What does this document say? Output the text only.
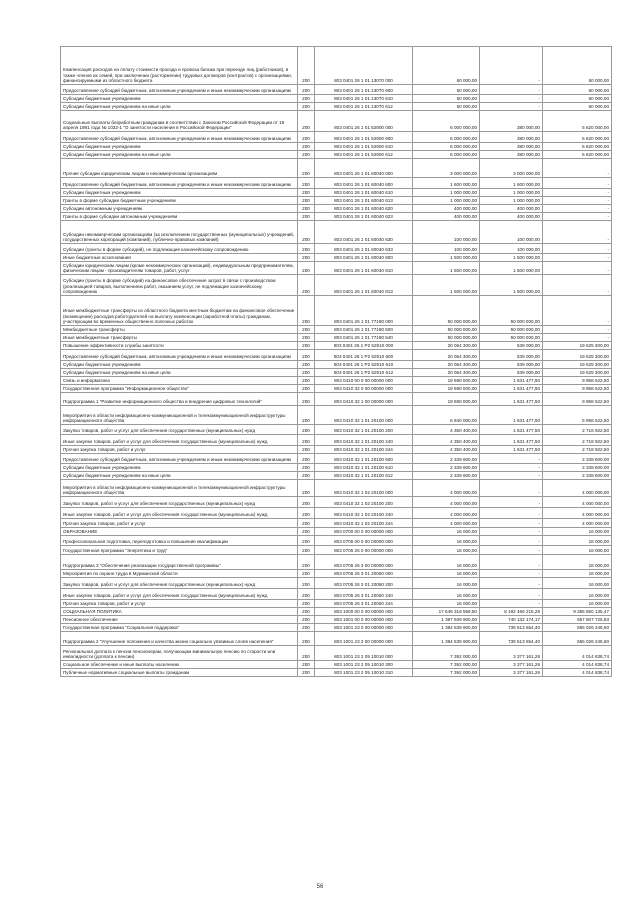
Компенсация расходов на оплату стоимости проезда и провоза багажа при переезде лиц (работников), в также членов их семей, при заключении (расторжении) трудовых договоров (контрактов) с организациями, финансируемыми из областного бюджета	200	803 0401 26 1 01 13070 000	60 000,00	-	60 000,00
Предоставление субсидий бюджетным, автономным учреждениям и иным некоммерческим организациям	200	803 0401 26 1 01 13070 600	60 000,00	-	60 000,00
Субсидии бюджетным учреждениям	200	803 0401 26 1 01 13070 610	60 000,00	-	60 000,00
Субсидии бюджетным учреждениям на иные цели	200	803 0401 26 1 01 13070 612	60 000,00	-	60 000,00
Социальные выплаты безработным гражданам в соответствии с Законом Российской Федерации от 19 апреля 1991 года № 1032-1 "О занятости населения в Российской Федерации"	200	803 0401 26 1 01 52900 000	6 000 000,00	380 000,00	5 620 000,00
Предоставление субсидий бюджетным, автономным учреждениям и иным некоммерческим организациям	200	803 0401 26 1 01 52900 600	6 000 000,00	380 000,00	5 620 000,00
Субсидии бюджетным учреждениям	200	803 0401 26 1 01 52900 610	6 000 000,00	380 000,00	5 620 000,00
Субсидии бюджетным учреждениям на иные цели	200	803 0401 26 1 01 52900 612	6 000 000,00	380 000,00	5 620 000,00
Прочие субсидии юридическим лицам и некоммерческим организациям	200	803 0401 26 1 01 60040 000	3 000 000,00	3 000 000,00	-
Предоставление субсидий бюджетным, автономным учреждениям и иным некоммерческим организациям	200	803 0401 26 1 01 60040 600	1 600 000,00	1 600 000,00	-
Субсидии бюджетным учреждениям	200	803 0401 26 1 01 60040 610	1 000 000,00	1 000 000,00	-
Гранты в форме субсидии бюджетным учреждениям	200	803 0401 26 1 01 60040 613	1 000 000,00	1 000 000,00	-
Субсидии автономным учреждениям	200	803 0401 26 1 01 60040 620	400 000,00	400 000,00	-
Гранты в форме субсидии автономным учреждениям	200	803 0401 26 1 01 60040 623	400 000,00	400 000,00	-
Субсидии некоммерческим организациям (за исключением государственных (муниципальных) учреждений, государственных корпораций (компаний), публично-правовых компаний)	200	803 0401 26 1 01 60040 630	100 000,00	100 000,00	-
Субсидии (гранты в форме субсидий), не подлежащие казначейскому сопровождению	200	803 0401 26 1 01 60040 633	100 000,00	100 000,00	-
Иные бюджетные ассигнования	200	803 0401 26 1 01 60040 800	1 500 000,00	1 500 000,00	-
Субсидии юридическим лицам (кроме некоммерческих организаций), индивидуальным предпринимателям, физическим лицам - производителям товаров, работ, услуг	200	803 0401 26 1 01 60040 810	1 500 000,00	1 500 000,00	-
Субсидии (гранты в форме субсидий) на финансовое обеспечение затрат в связи с производством (реализацией товаров, выполнением работ, оказанием услуг, не подлежащие казначейскому сопровождению	200	803 0401 26 1 01 60040 813	1 500 000,00	1 500 000,00	-
Иные межбюджетные трансферты из областного бюджета местным бюджетам на финансовое обеспечение (возмещение) расходов работодателей на выплату компенсации (заработной платы) гражданам, участвующим во временных общественно полезных работах	200	803 0401 26 1 01 77190 000	50 000 000,00	50 000 000,00	-
Межбюджетные трансферты	200	803 0401 26 1 01 77190 500	50 000 000,00	50 000 000,00	-
Иные межбюджетные трансферты	200	803 0401 26 1 01 77190 540	50 000 000,00	50 000 000,00	-
Повышение эффективности службы занятости	200	803 0401 26 1 Р2 52910 000	20 064 300,00	539 000,00	19 525 300,00
Предоставление субсидий бюджетным, автономным учреждениям и иным некоммерческим организациям	200	803 0401 26 1 Р2 52910 600	20 064 300,00	539 000,00	19 525 300,00
Субсидии бюджетным учреждениям	200	803 0401 26 1 Р2 52910 610	20 064 300,00	539 000,00	19 525 300,00
Субсидии бюджетным учреждениям на иные цели	200	803 0401 26 1 Р2 52910 612	20 064 300,00	539 000,00	19 525 300,00
Связь и информатика	200	803 0410 00 0 00 00000 000	19 690 000,00	1 631 477,50	9 958 522,50
Государственная программа "Информационное общество"	200	803 0410 32 0 00 00000 000	19 690 000,00	1 631 477,50	9 958 522,50
Подпрограмма 1 "Развитие информационного общества и внедрение цифровых технологий"	200	803 0410 32 1 00 00000 000	19 690 000,00	1 631 477,50	9 958 522,50
Мероприятия в области информационно-коммуникационной и телекоммуникационной инфраструктуры информационного общества	200	803 0410 32 1 01 20100 000	6 840 000,00	1 631 477,50	5 958 522,50
Закупка товаров, работ и услуг для обеспечения государственных (муниципальных) нужд	200	803 0410 32 1 01 20100 200	4 350 400,00	1 631 477,50	2 718 922,50
Иные закупки товаров, работ и услуг для обеспечения государственных (муниципальных) нужд	200	803 0410 32 1 01 20100 240	4 350 400,00	1 631 477,50	2 718 922,50
Прочая закупка товаров, работ и услуг	200	803 0410 32 1 01 20100 244	4 350 400,00	1 631 477,50	2 718 922,50
Предоставление субсидий бюджетным, автономным учреждениям и иным некоммерческим организациям	200	803 0410 32 1 01 20100 600	2 339 600,00	-	2 339 600,00
Субсидии бюджетным учреждениям	200	803 0410 32 1 01 20100 610	2 339 600,00	-	2 339 600,00
Субсидии бюджетным учреждениям на иные цели	200	803 0410 32 1 01 20100 612	2 339 600,00	-	2 339 600,00
Мероприятия в области информационно-коммуникационной и телекоммуникационной инфраструктуры информационного общества	200	803 0410 32 1 02 20100 000	4 000 000,00	-	4 000 000,00
Закупка товаров, работ и услуг для обеспечения государственных (муниципальных) нужд	200	803 0410 32 1 02 20100 200	4 000 000,00	-	4 000 000,00
Иные закупки товаров, работ и услуг для обеспечения государственных (муниципальных) нужд	200	803 0410 32 1 02 20100 240	4 000 000,00	-	4 000 000,00
Прочая закупка товаров, работ и услуг	200	803 0410 32 1 02 20100 244	4 000 000,00	-	4 000 000,00
ОБРАЗОВАНИЕ	200	803 0700 00 0 00 00000 000	16 000,00	-	16 000,00
Профессиональная подготовка, переподготовка и повышение квалификации	200	803 0705 00 0 00 00000 000	16 000,00	-	16 000,00
Государственная программа "Энергетика и труд"	200	803 0705 26 0 00 00000 000	16 000,00	-	16 000,00
Подпрограмма 3 "Обеспечение реализации государственной программы"	200	803 0705 26 3 00 00000 000	16 000,00	-	16 000,00
Мероприятия по охране труда в Мурманской области	200	803 0705 26 3 01 20050 000	16 000,00	-	16 000,00
Закупка товаров, работ и услуг для обеспечения государственных (муниципальных) нужд	200	803 0705 26 3 01 20050 200	16 000,00	-	16 000,00
Иные закупки товаров, работ и услуг для обеспечения государственных (муниципальных) нужд	200	803 0705 26 3 01 20050 240	16 000,00	-	16 000,00
Прочая закупка товаров, работ и услуг	200	803 0705 26 3 01 20050 244	16 000,00	-	16 000,00
СОЦИАЛЬНАЯ ПОЛИТИКА	200	803 1000 00 0 00 00000 000	17 648 316 559,50	8 192 466 215,28	9 355 850 135,47
Пенсионное обеспечение	200	803 1001 00 0 00 00000 000	1 397 939 900,00	740 132 174,17	657 807 725,83
Государственная программа "Социальная поддержка"	200	803 1001 23 0 00 00000 000	1 394 539 900,00	739 513 654,40	655 026 245,60
Подпрограмма 2 "Улучшение положения и качества жизни социально уязвимых слоев населения"	200	803 1001 23 2 00 00000 000	1 394 539 900,00	739 513 654,40	655 026 245,60
Региональная доплата к пенсии пенсионерам, получающим минимальную пенсию по старости или инвалидности (доплата к пенсии)	200	803 1001 23 2 05 10010 000	7 392 000,00	3 377 161,26	4 014 838,74
Социальное обеспечение и иные выплаты населению	200	803 1001 23 2 05 10010 300	7 392 000,00	3 377 161,26	4 014 838,74
Публичные нормативные социальные выплаты гражданам	200	803 1001 23 2 05 10010 310	7 392 000,00	3 377 161,26	4 014 838,74
56
